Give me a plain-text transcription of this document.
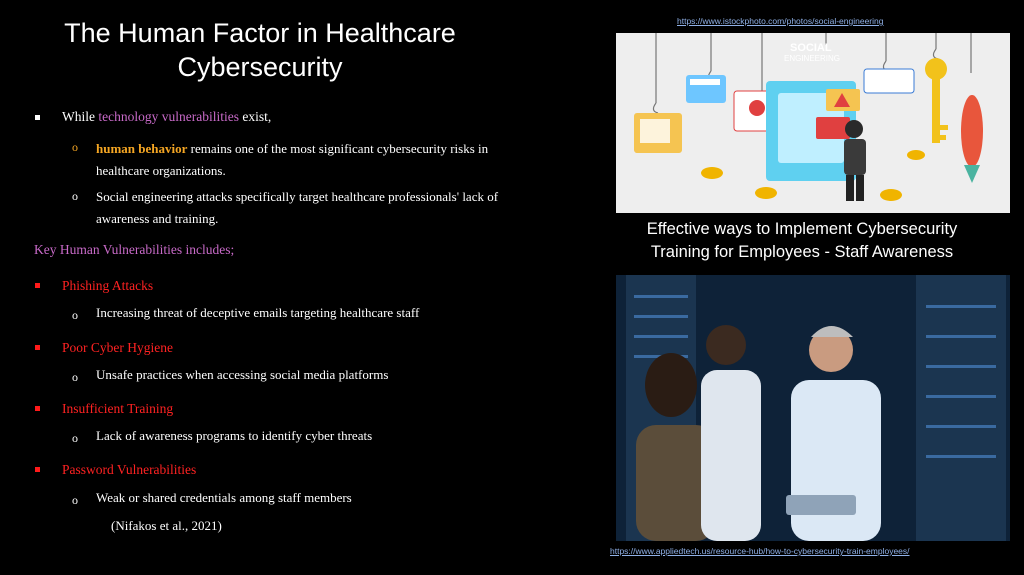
The Human Factor in Healthcare
Cybersecurity
While technology vulnerabilities exist,
o human behavior remains one of the most significant cybersecurity risks in
healthcare organizations.
o Social engineering attacks specifically target healthcare professionals' lack of
awareness and training.
Key Human Vulnerabilities includes;
Phishing Attacks
o Increasing threat of deceptive emails targeting healthcare staff
Poor Cyber Hygiene
o Unsafe practices when accessing social media platforms
Insufficient Training
o Lack of awareness programs to identify cyber threats
Password Vulnerabilities
o Weak or shared credentials among staff members
(Nifakos et al., 2021)
https://www.istockphoto.com/photos/social-engineering
SOCIAL
ENGINEERING
Effective ways to Implement Cybersecurity
Training for Employees - Staff Awareness
https://www.appliedtech.us/resource-hub/how-to-cybersecurity-train-employees/
